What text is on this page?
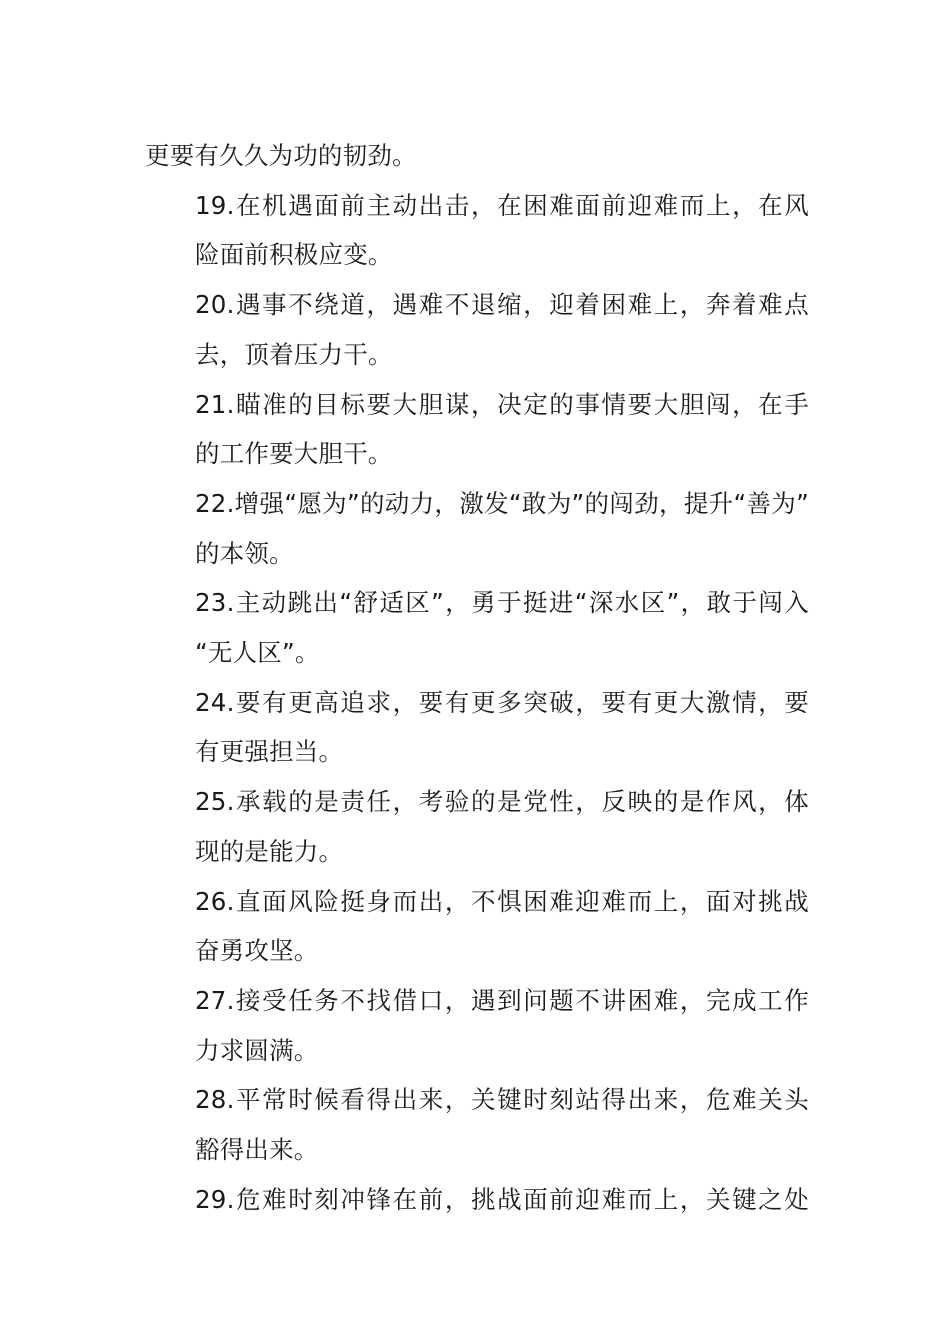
更要有久久为功的韧劲。
19.在机遇面前主动出击，在困难面前迎难而上，在风
险面前积极应变。
20.遇事不绕道，遇难不退缩，迎着困难上，奔着难点
去，顶着压力干。
21.瞄准的目标要大胆谋，决定的事情要大胆闯，在手
的工作要大胆干。
22.增强“愿为”的动力，激发“敢为”的闯劲，提升“善为”
的本领。
23.主动跳出“舒适区”，勇于挺进“深水区”，敢于闯入
“无人区”。
24.要有更高追求，要有更多突破，要有更大激情，要
有更强担当。
25.承载的是责任，考验的是党性，反映的是作风，体
现的是能力。
26.直面风险挺身而出，不惧困难迎难而上，面对挑战
奋勇攻坚。
27.接受任务不找借口，遇到问题不讲困难，完成工作
力求圆满。
28.平常时候看得出来，关键时刻站得出来，危难关头
豁得出来。
29.危难时刻冲锋在前，挑战面前迎难而上，关键之处
